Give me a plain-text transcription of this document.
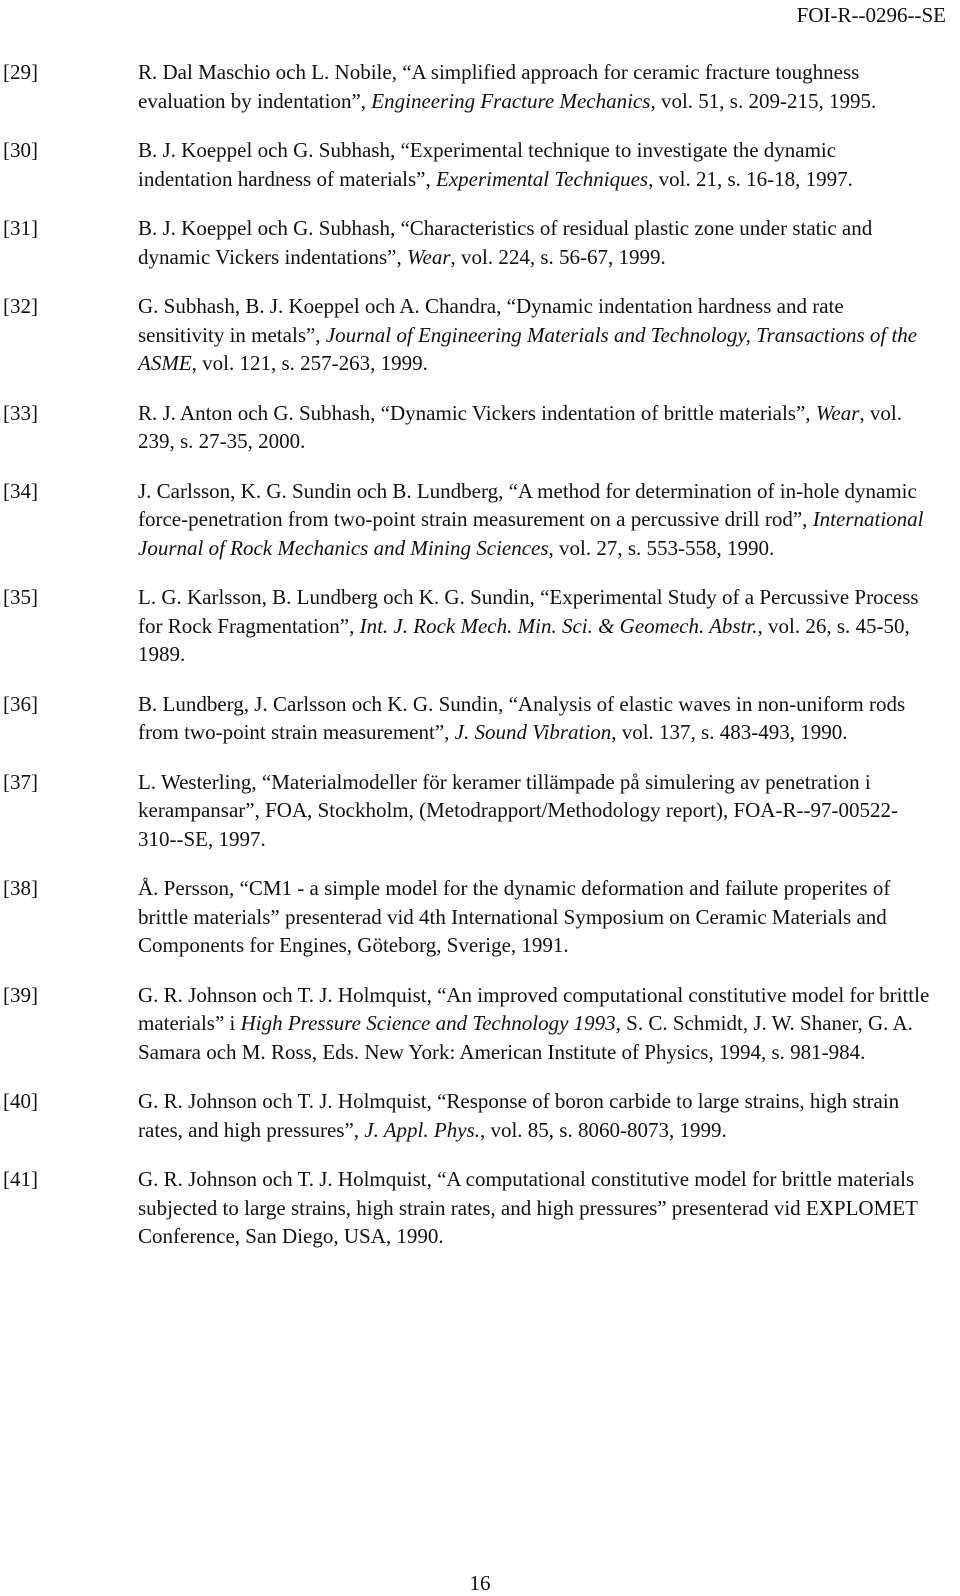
FOI-R--0296--SE
[29]	R. Dal Maschio och L. Nobile, “A simplified approach for ceramic fracture toughness evaluation by indentation”, Engineering Fracture Mechanics, vol. 51, s. 209-215, 1995.
[30]	B. J. Koeppel och G. Subhash, “Experimental technique to investigate the dynamic indentation hardness of materials”, Experimental Techniques, vol. 21, s. 16-18, 1997.
[31]	B. J. Koeppel och G. Subhash, “Characteristics of residual plastic zone under static and dynamic Vickers indentations”, Wear, vol. 224, s. 56-67, 1999.
[32]	G. Subhash, B. J. Koeppel och A. Chandra, “Dynamic indentation hardness and rate sensitivity in metals”, Journal of Engineering Materials and Technology, Transactions of the ASME, vol. 121, s. 257-263, 1999.
[33]	R. J. Anton och G. Subhash, “Dynamic Vickers indentation of brittle materials”, Wear, vol. 239, s. 27-35, 2000.
[34]	J. Carlsson, K. G. Sundin och B. Lundberg, “A method for determination of in-hole dynamic force-penetration from two-point strain measurement on a percussive drill rod”, International Journal of Rock Mechanics and Mining Sciences, vol. 27, s. 553-558, 1990.
[35]	L. G. Karlsson, B. Lundberg och K. G. Sundin, “Experimental Study of a Percussive Process for Rock Fragmentation”, Int. J. Rock Mech. Min. Sci. & Geomech. Abstr., vol. 26, s. 45-50, 1989.
[36]	B. Lundberg, J. Carlsson och K. G. Sundin, “Analysis of elastic waves in non-uniform rods from two-point strain measurement”, J. Sound Vibration, vol. 137, s. 483-493, 1990.
[37]	L. Westerling, “Materialmodeller för keramer tillämpade på simulering av penetration i kerampansar”, FOA, Stockholm, (Metodrapport/Methodology report), FOA-R--97-00522-310--SE, 1997.
[38]	Å. Persson, “CM1 - a simple model for the dynamic deformation and failute properites of brittle materials” presenterad vid 4th International Symposium on Ceramic Materials and Components for Engines, Göteborg, Sverige, 1991.
[39]	G. R. Johnson och T. J. Holmquist, “An improved computational constitutive model for brittle materials” i High Pressure Science and Technology 1993, S. C. Schmidt, J. W. Shaner, G. A. Samara och M. Ross, Eds. New York: American Institute of Physics, 1994, s. 981-984.
[40]	G. R. Johnson och T. J. Holmquist, “Response of boron carbide to large strains, high strain rates, and high pressures”, J. Appl. Phys., vol. 85, s. 8060-8073, 1999.
[41]	G. R. Johnson och T. J. Holmquist, “A computational constitutive model for brittle materials subjected to large strains, high strain rates, and high pressures” presenterad vid EXPLOMET Conference, San Diego, USA, 1990.
16
